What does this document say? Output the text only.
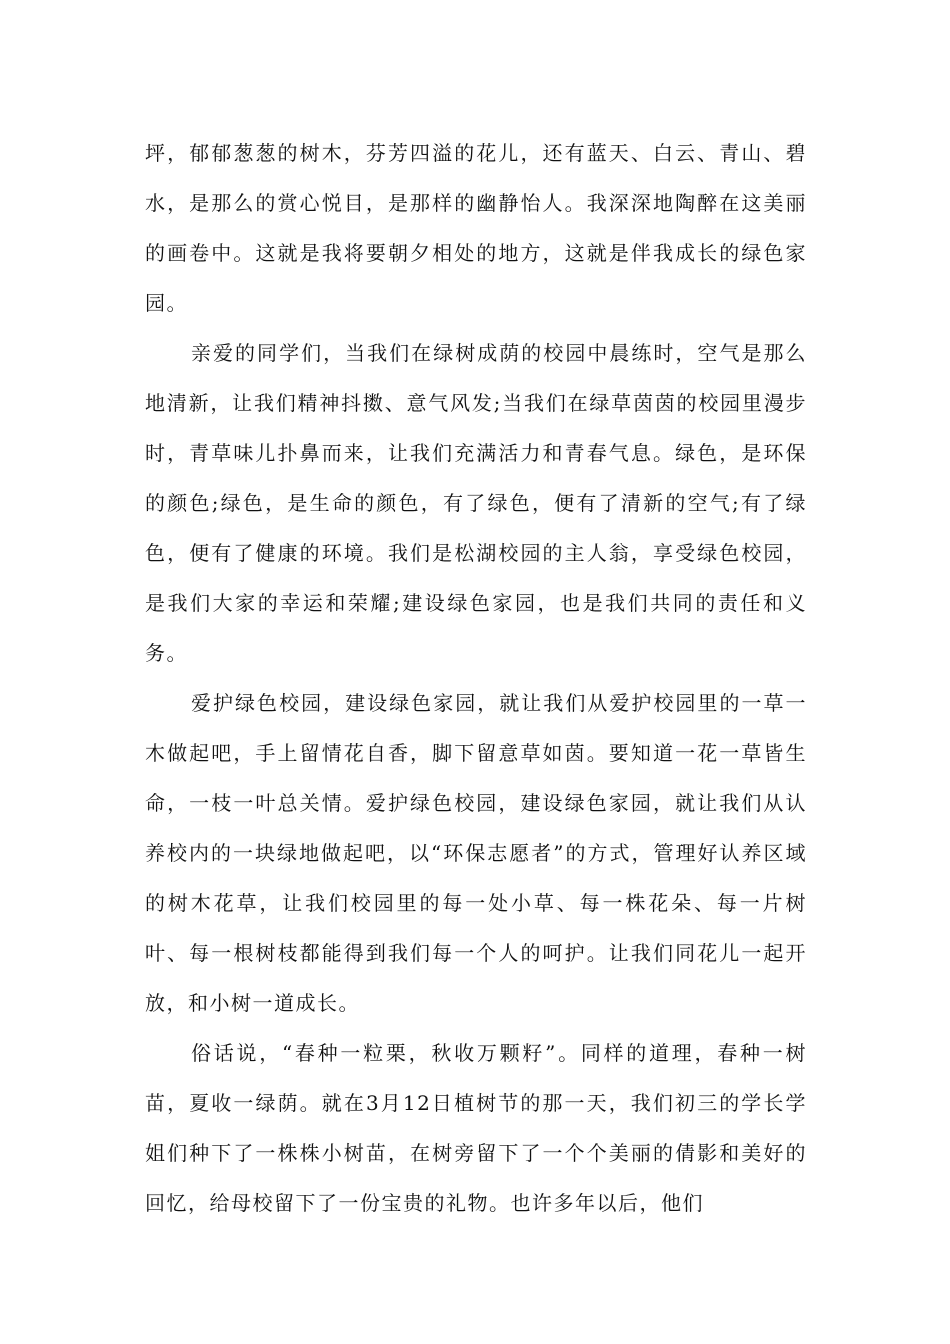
坪，郁郁葱葱的树木，芬芳四溢的花儿，还有蓝天、白云、青山、碧水，是那么的赏心悦目，是那样的幽静怡人。我深深地陶醉在这美丽的画卷中。这就是我将要朝夕相处的地方，这就是伴我成长的绿色家园。

亲爱的同学们，当我们在绿树成荫的校园中晨练时，空气是那么地清新，让我们精神抖擞、意气风发;当我们在绿草茵茵的校园里漫步时，青草味儿扑鼻而来，让我们充满活力和青春气息。绿色，是环保的颜色;绿色，是生命的颜色，有了绿色，便有了清新的空气;有了绿色，便有了健康的环境。我们是松湖校园的主人翁，享受绿色校园，是我们大家的幸运和荣耀;建设绿色家园，也是我们共同的责任和义务。

爱护绿色校园，建设绿色家园，就让我们从爱护校园里的一草一木做起吧，手上留情花自香，脚下留意草如茵。要知道一花一草皆生命，一枝一叶总关情。爱护绿色校园，建设绿色家园，就让我们从认养校内的一块绿地做起吧，以“环保志愿者”的方式，管理好认养区域的树木花草，让我们校园里的每一处小草、每一株花朵、每一片树叶、每一根树枝都能得到我们每一个人的呵护。让我们同花儿一起开放，和小树一道成长。

俗话说，“春种一粒栗，秋收万颗籽”。同样的道理，春种一树苗，夏收一绿荫。就在3月12日植树节的那一天，我们初三的学长学姐们种下了一株株小树苗，在树旁留下了一个个美丽的倩影和美好的回忆，给母校留下了一份宝贵的礼物。也许多年以后，他们
